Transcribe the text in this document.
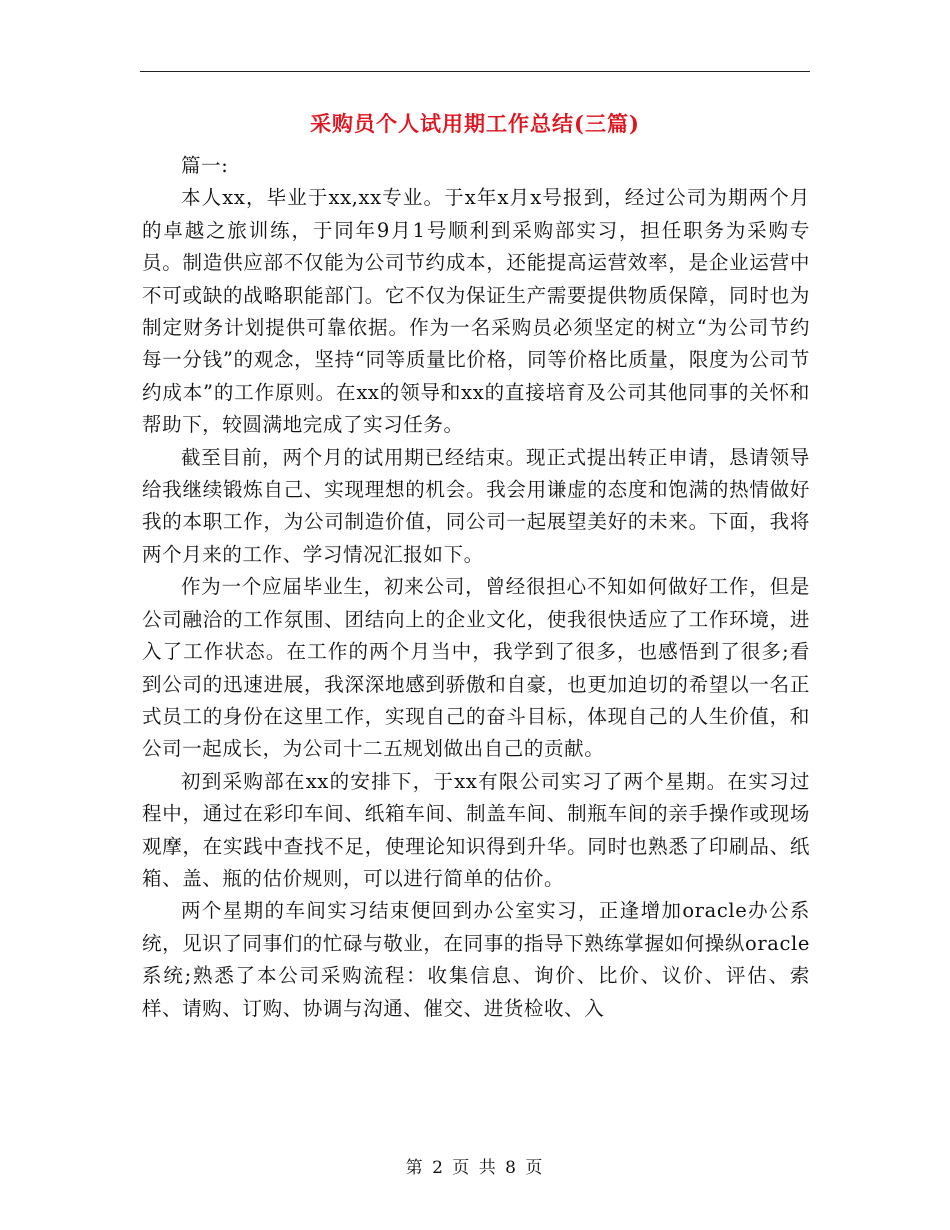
采购员个人试用期工作总结(三篇)

篇一:

本人xx，毕业于xx,xx专业。于x年x月x号报到，经过公司为期两个月的卓越之旅训练，于同年9月1号顺利到采购部实习，担任职务为采购专员。制造供应部不仅能为公司节约成本，还能提高运营效率，是企业运营中不可或缺的战略职能部门。它不仅为保证生产需要提供物质保障，同时也为制定财务计划提供可靠依据。作为一名采购员必须坚定的树立“为公司节约每一分钱”的观念，坚持“同等质量比价格，同等价格比质量，限度为公司节约成本”的工作原则。在xx的领导和xx的直接培育及公司其他同事的关怀和帮助下，较圆满地完成了实习任务。

截至目前，两个月的试用期已经结束。现正式提出转正申请，恳请领导给我继续锻炼自己、实现理想的机会。我会用谦虚的态度和饱满的热情做好我的本职工作，为公司制造价值，同公司一起展望美好的未来。下面，我将两个月来的工作、学习情况汇报如下。

作为一个应届毕业生，初来公司，曾经很担心不知如何做好工作，但是公司融洽的工作氛围、团结向上的企业文化，使我很快适应了工作环境，进入了工作状态。在工作的两个月当中，我学到了很多，也感悟到了很多;看到公司的迅速进展，我深深地感到骄傲和自豪，也更加迫切的希望以一名正式员工的身份在这里工作，实现自己的奋斗目标，体现自己的人生价值，和公司一起成长，为公司十二五规划做出自己的贡献。

初到采购部在xx的安排下，于xx有限公司实习了两个星期。在实习过程中，通过在彩印车间、纸箱车间、制盖车间、制瓶车间的亲手操作或现场观摩，在实践中查找不足，使理论知识得到升华。同时也熟悉了印刷品、纸箱、盖、瓶的估价规则，可以进行简单的估价。

两个星期的车间实习结束便回到办公室实习，正逢增加oracle办公系统，见识了同事们的忙碌与敬业，在同事的指导下熟练掌握如何操纵oracle系统;熟悉了本公司采购流程：收集信息、询价、比价、议价、评估、索样、请购、订购、协调与沟通、催交、进货检收、入

第 2 页 共 8 页
